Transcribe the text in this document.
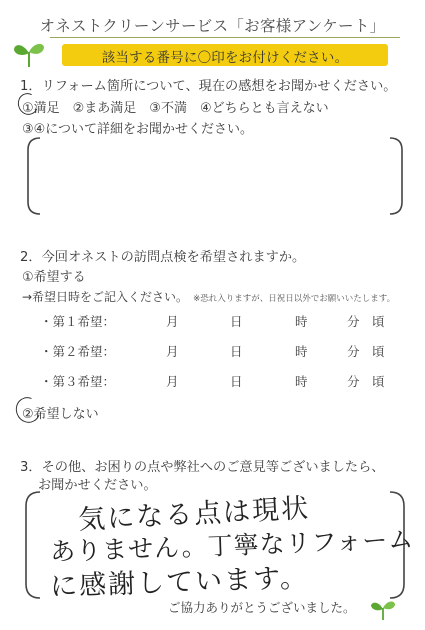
オネストクリーンサービス「お客様アンケート」
該当する番号に〇印をお付けください。
1．リフォーム箇所について、現在の感想をお聞かせください。
①満足　②まあ満足　③不満　④どちらとも言えない
③④について詳細をお聞かせください。
2．今回オネストの訪問点検を希望されますか。
①希望する
→希望日時をご記入ください。 ※恐れ入りますが、日祝日以外でお願いいたします。
・第１希望：	月	日	時	分 頃
・第２希望：	月	日	時	分 頃
・第３希望：	月	日	時	分 頃
②希望しない
3．その他、お困りの点や弊社へのご意見等ございましたら、
お聞かせください。
気になる点は現状
ありません。丁寧なリフォーム
に感謝しています。
ご協力ありがとうございました。
